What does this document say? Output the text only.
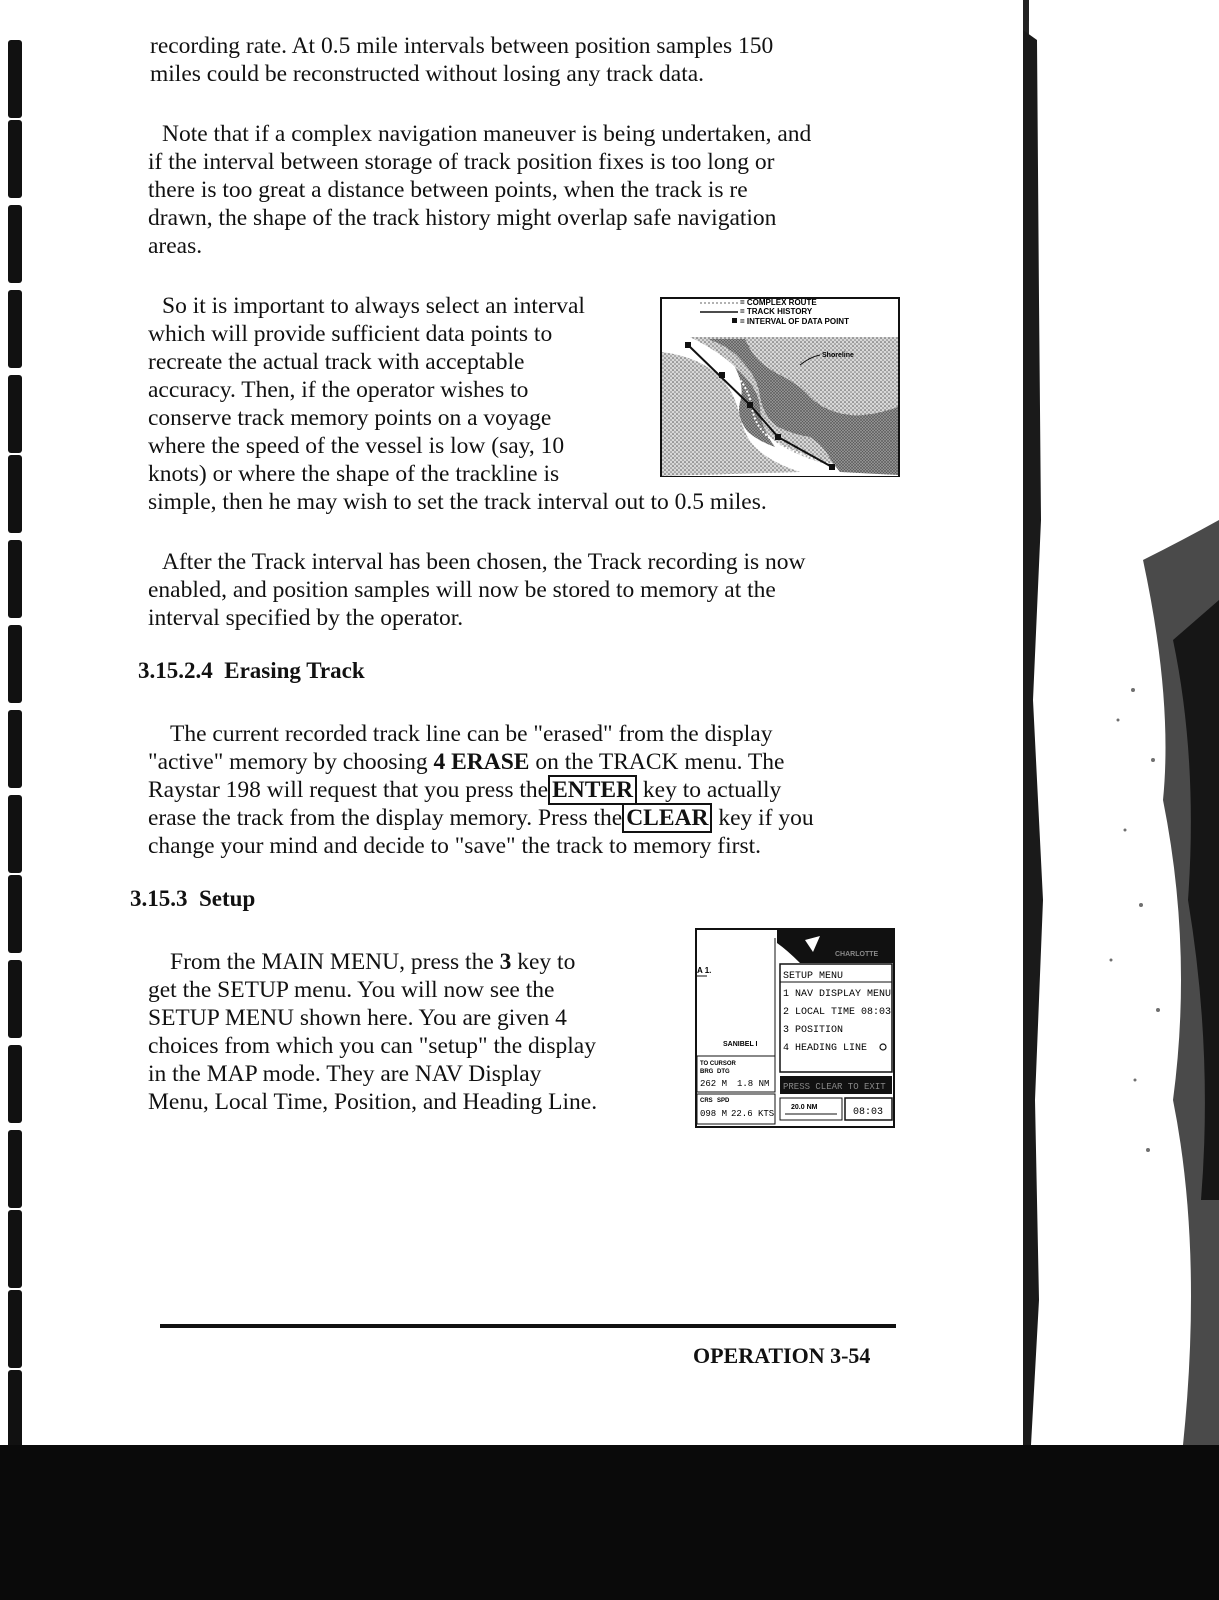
recording rate. At 0.5 mile intervals between position samples 150
miles could be reconstructed without losing any track data.

Note that if a complex navigation maneuver is being undertaken, and
if the interval between storage of track position fixes is too long or
there is too great a distance between points, when the track is re
drawn, the shape of the track history might overlap safe navigation
areas.

So it is important to always select an interval
which will provide sufficient data points to
recreate the actual track with acceptable
accuracy. Then, if the operator wishes to
conserve track memory points on a voyage
where the speed of the vessel is low (say, 10
knots) or where the shape of the trackline is
simple, then he may wish to set the track interval out to 0.5 miles.

Shoreline
= COMPLEX ROUTE
= TRACK HISTORY
= INTERVAL OF DATA POINT

After the Track interval has been chosen, the Track recording is now
enabled, and position samples will now be stored to memory at the
interval specified by the operator.

3.15.2.4 Erasing Track

The current recorded track line can be "erased" from the display
"active" memory by choosing 4 ERASE on the TRACK menu. The
Raystar 198 will request that you press the ENTER key to actually
erase the track from the display memory. Press the CLEAR key if you
change your mind and decide to "save" the track to memory first.

3.15.3 Setup

From the MAIN MENU, press the 3 key to
get the SETUP menu. You will now see the
SETUP MENU shown here. You are given 4
choices from which you can "setup" the display
in the MAP mode. They are NAV Display
Menu, Local Time, Position, and Heading Line.

CHARLOTTE
A 1.
SANIBEL I
SETUP MENU
1 NAV DISPLAY MENU
2 LOCAL TIME 08:03
3 POSITION
4 HEADING LINE
PRESS CLEAR TO EXIT
TO CURSOR
BRG DTG
262 M 1.8 NM
CRS SPD
098 M 22.6 KTS
20.0 NM	08:03
OPERATION 3-54
